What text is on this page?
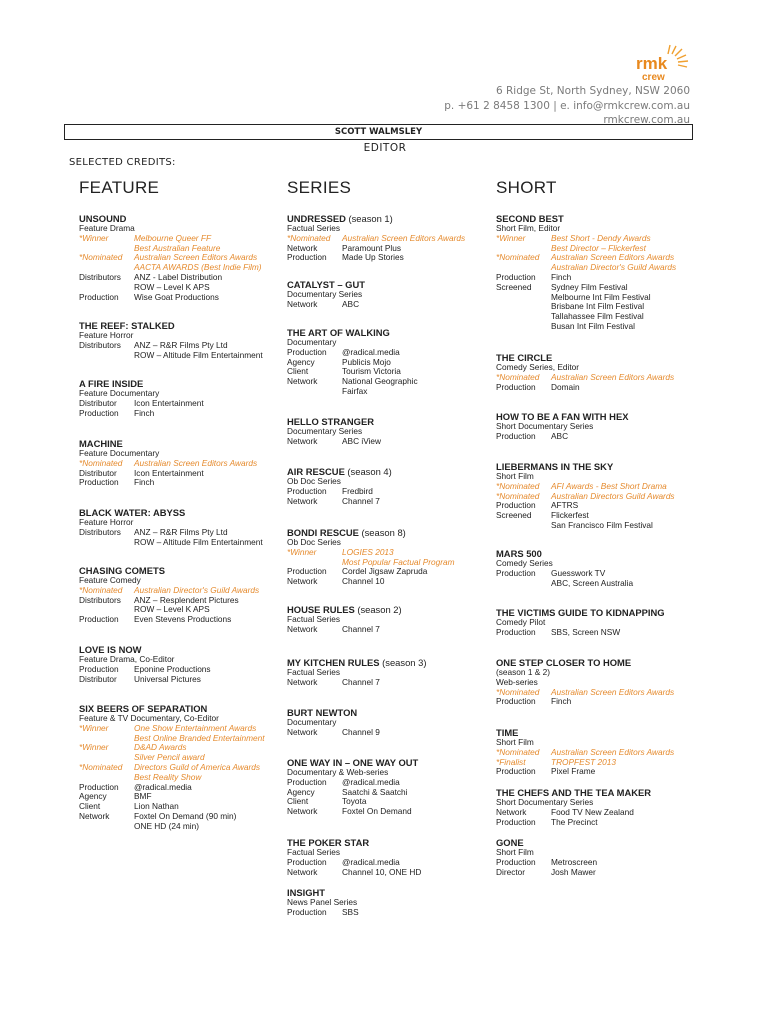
rmk
crew
6 Ridge St, North Sydney, NSW 2060
p. +61 2 8458 1300 | e. info@rmkcrew.com.au
rmkcrew.com.au
SCOTT WALMSLEY
EDITOR
SELECTED CREDITS:
FEATURE	SERIES	SHORT
UNSOUND
Feature Drama
*Winner	Melbourne Queer FF
Best Australian Feature
*Nominated	Australian Screen Editors Awards
AACTA AWARDS (Best Indie Film)
Distributors	ANZ - Label Distribution
ROW – Level K APS
Production	Wise Goat Productions
THE REEF: STALKED
Feature Horror
Distributors	ANZ – R&R Films Pty Ltd
ROW – Altitude Film Entertainment
A FIRE INSIDE
Feature Documentary
Distributor	Icon Entertainment
Production	Finch
MACHINE
Feature Documentary
*Nominated	Australian Screen Editors Awards
Distributor	Icon Entertainment
Production	Finch
BLACK WATER: ABYSS
Feature Horror
Distributors	ANZ – R&R Films Pty Ltd
ROW – Altitude Film Entertainment
CHASING COMETS
Feature Comedy
*Nominated	Australian Director's Guild Awards
Distributors	ANZ – Resplendent Pictures
ROW – Level K APS
Production	Even Stevens Productions
LOVE IS NOW
Feature Drama, Co-Editor
Production	Eponine Productions
Distributor	Universal Pictures
SIX BEERS OF SEPARATION
Feature & TV Documentary, Co-Editor
*Winner	One Show Entertainment Awards
Best Online Branded Entertainment
*Winner	D&AD Awards
Silver Pencil award
*Nominated	Directors Guild of America Awards
Best Reality Show
Production	@radical.media
Agency	BMF
Client	Lion Nathan
Network	Foxtel On Demand (90 min)
ONE HD (24 min)
UNDRESSED (season 1)
Factual Series
*Nominated	Australian Screen Editors Awards
Network	Paramount Plus
Production	Made Up Stories
CATALYST – GUT
Documentary Series
Network	ABC
THE ART OF WALKING
Documentary
Production	@radical.media
Agency	Publicis Mojo
Client	Tourism Victoria
Network	National Geographic
Fairfax
HELLO STRANGER
Documentary Series
Network	ABC iView
AIR RESCUE (season 4)
Ob Doc Series
Production	Fredbird
Network	Channel 7
BONDI RESCUE (season 8)
Ob Doc Series
*Winner	LOGIES 2013
Most Popular Factual Program
Production	Cordel Jigsaw Zapruda
Network	Channel 10
HOUSE RULES (season 2)
Factual Series
Network	Channel 7
MY KITCHEN RULES (season 3)
Factual Series
Network	Channel 7
BURT NEWTON
Documentary
Network	Channel 9
ONE WAY IN – ONE WAY OUT
Documentary & Web-series
Production	@radical.media
Agency	Saatchi & Saatchi
Client	Toyota
Network	Foxtel On Demand
THE POKER STAR
Factual Series
Production	@radical.media
Network	Channel 10, ONE HD
INSIGHT
News Panel Series
Production	SBS
SECOND BEST
Short Film, Editor
*Winner	Best Short - Dendy Awards
Best Director – Flickerfest
*Nominated	Australian Screen Editors Awards
Australian Director's Guild Awards
Production	Finch
Screened	Sydney Film Festival
Melbourne Int Film Festival
Brisbane Int Film Festival
Tallahassee Film Festival
Busan Int Film Festival
THE CIRCLE
Comedy Series, Editor
*Nominated	Australian Screen Editors Awards
Production	Domain
HOW TO BE A FAN WITH HEX
Short Documentary Series
Production	ABC
LIEBERMANS IN THE SKY
Short Film
*Nominated	AFI Awards - Best Short Drama
*Nominated	Australian Directors Guild Awards
Production	AFTRS
Screened	Flickerfest
San Francisco Film Festival
MARS 500
Comedy Series
Production	Guesswork TV
ABC, Screen Australia
THE VICTIMS GUIDE TO KIDNAPPING
Comedy Pilot
Production	SBS, Screen NSW
ONE STEP CLOSER TO HOME
(season 1 & 2)
Web-series
*Nominated	Australian Screen Editors Awards
Production	Finch
TIME
Short Film
*Nominated	Australian Screen Editors Awards
*Finalist	TROPFEST 2013
Production	Pixel Frame
THE CHEFS AND THE TEA MAKER
Short Documentary Series
Network	Food TV New Zealand
Production	The Precinct
GONE
Short Film
Production	Metroscreen
Director	Josh Mawer
